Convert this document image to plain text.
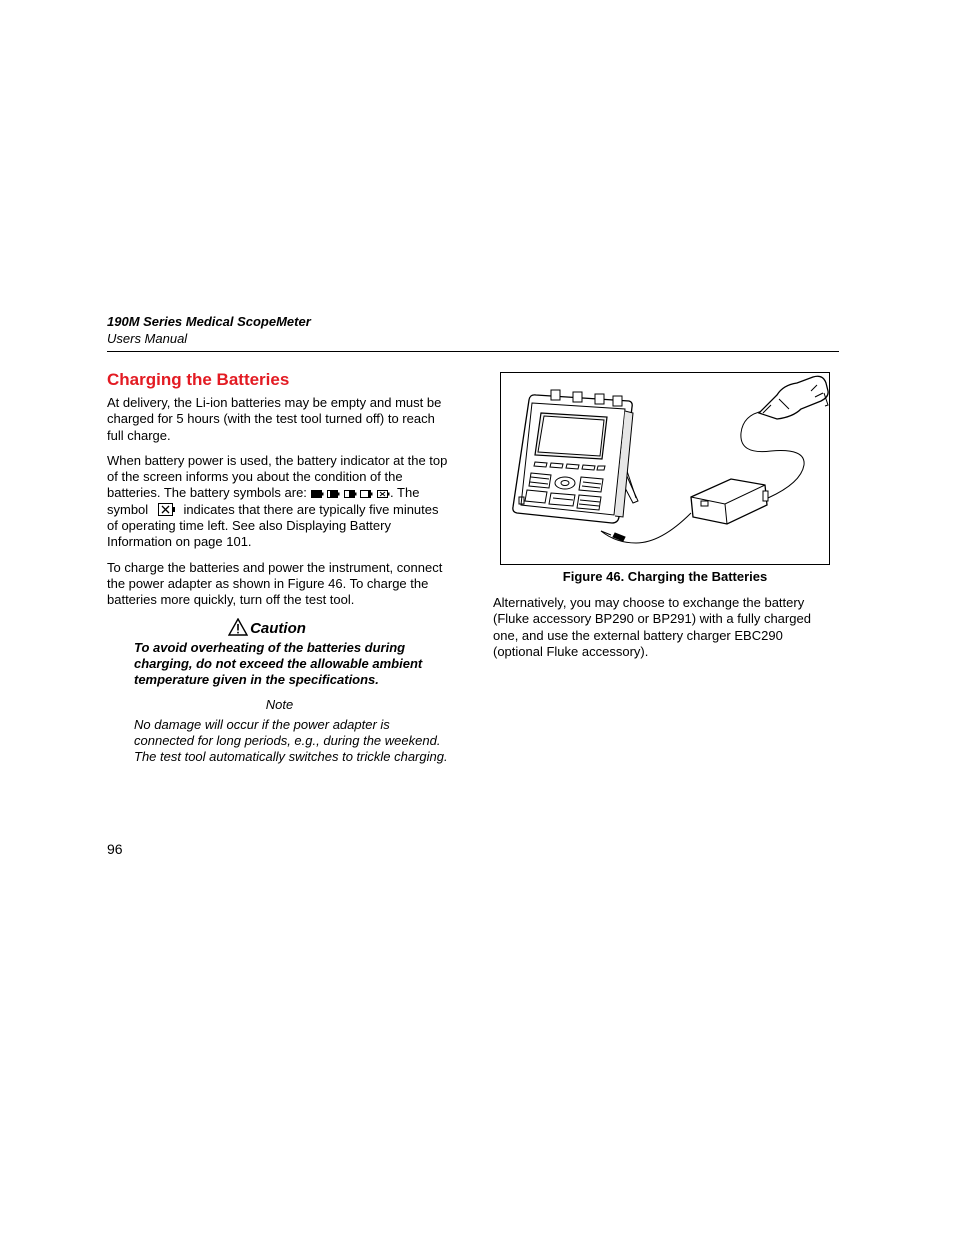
190M Series Medical ScopeMeter
Users Manual
Charging the Batteries

At delivery, the Li-ion batteries may be empty and must be charged for 5 hours (with the test tool turned off) to reach full charge.

When battery power is used, the battery indicator at the top of the screen informs you about the condition of the batteries. The battery symbols are:	. The symbol	indicates that there are typically five minutes of operating time left. See also Displaying Battery Information on page 101.

To charge the batteries and power the instrument, connect the power adapter as shown in Figure 46. To charge the batteries more quickly, turn off the test tool.

Caution

To avoid overheating of the batteries during charging, do not exceed the allowable ambient temperature given in the specifications.

Note

No damage will occur if the power adapter is connected for long periods, e.g., during the weekend. The test tool automatically switches to trickle charging.

Figure 46. Charging the Batteries

Alternatively, you may choose to exchange the battery (Fluke accessory BP290 or BP291) with a fully charged one, and use the external battery charger EBC290 (optional Fluke accessory).

96
